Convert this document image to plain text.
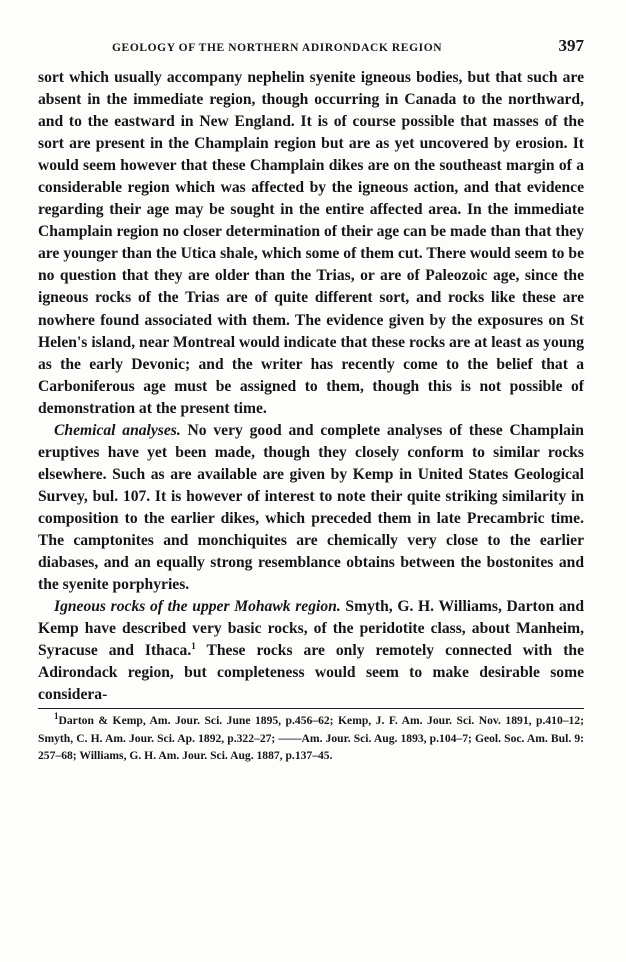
GEOLOGY OF THE NORTHERN ADIRONDACK REGION	397

sort which usually accompany nephelin syenite igneous bodies, but that such are absent in the immediate region, though occurring in Canada to the northward, and to the eastward in New England. It is of course possible that masses of the sort are present in the Champlain region but are as yet uncovered by erosion. It would seem however that these Champlain dikes are on the southeast margin of a considerable region which was affected by the igneous action, and that evidence regarding their age may be sought in the entire affected area. In the immediate Champlain region no closer determination of their age can be made than that they are younger than the Utica shale, which some of them cut. There would seem to be no question that they are older than the Trias, or are of Paleozoic age, since the igneous rocks of the Trias are of quite different sort, and rocks like these are nowhere found associated with them. The evidence given by the exposures on St Helen's island, near Montreal would indicate that these rocks are at least as young as the early Devonic; and the writer has recently come to the belief that a Carboniferous age must be assigned to them, though this is not possible of demonstration at the present time.

Chemical analyses. No very good and complete analyses of these Champlain eruptives have yet been made, though they closely conform to similar rocks elsewhere. Such as are available are given by Kemp in United States Geological Survey, bul. 107. It is however of interest to note their quite striking similarity in composition to the earlier dikes, which preceded them in late Precambric time. The camptonites and monchiquites are chemically very close to the earlier diabases, and an equally strong resemblance obtains between the bostonites and the syenite porphyries.

Igneous rocks of the upper Mohawk region. Smyth, G. H. Williams, Darton and Kemp have described very basic rocks, of the peridotite class, about Manheim, Syracuse and Ithaca.$^1$ These rocks are only remotely connected with the Adirondack region, but completeness would seem to make desirable some considera-

$^1$Darton & Kemp, Am. Jour. Sci. June 1895, p.456–62; Kemp, J. F. Am. Jour. Sci. Nov. 1891, p.410–12; Smyth, C. H. Am. Jour. Sci. Ap. 1892, p.322–27; ——Am. Jour. Sci. Aug. 1893, p.104–7; Geol. Soc. Am. Bul. 9: 257–68; Williams, G. H. Am. Jour. Sci. Aug. 1887, p.137–45.
